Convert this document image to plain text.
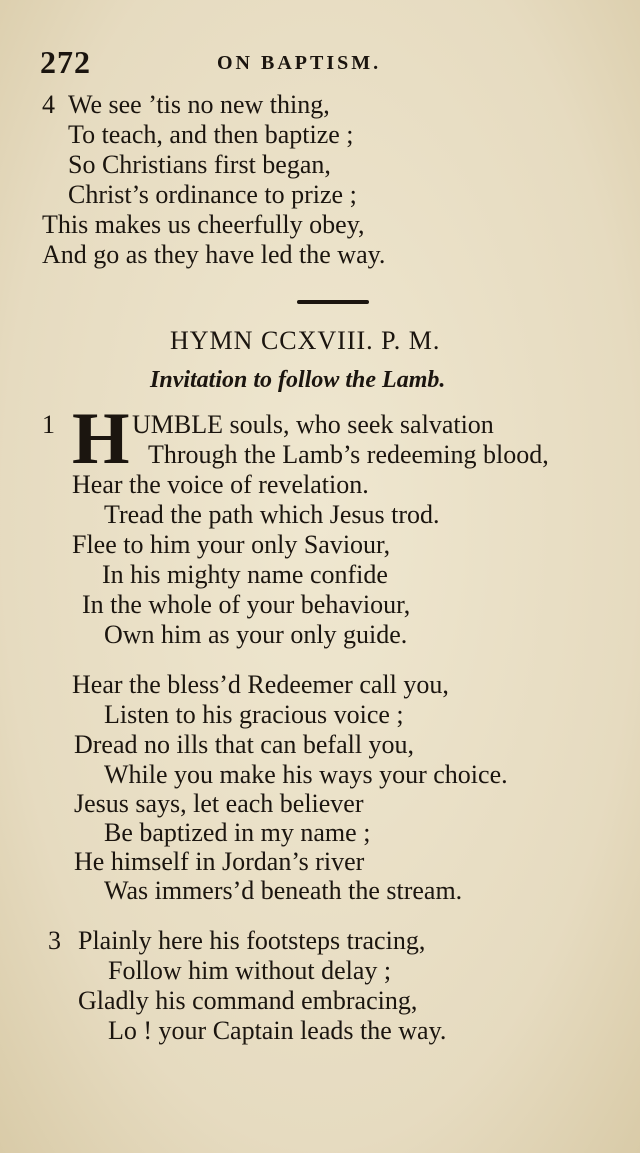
272	ON BAPTISM.
4 We see ’tis no new thing,
To teach, and then baptize ;
So Christians first began,
Christ’s ordinance to prize ;
This makes us cheerfully obey,
And go as they have led the way.
HYMN CCXVIII. P. M.
Invitation to follow the Lamb.
1 H UMBLE souls, who seek salvation
Through the Lamb’s redeeming blood,
Hear the voice of revelation.
Tread the path which Jesus trod.
Flee to him your only Saviour,
In his mighty name confide
In the whole of your behaviour,
Own him as your only guide.
Hear the bless’d Redeemer call you,
Listen to his gracious voice ;
Dread no ills that can befall you,
While you make his ways your choice.
Jesus says, let each believer
Be baptized in my name ;
He himself in Jordan’s river
Was immers’d beneath the stream.
3 Plainly here his footsteps tracing,
Follow him without delay ;
Gladly his command embracing,
Lo ! your Captain leads the way.
